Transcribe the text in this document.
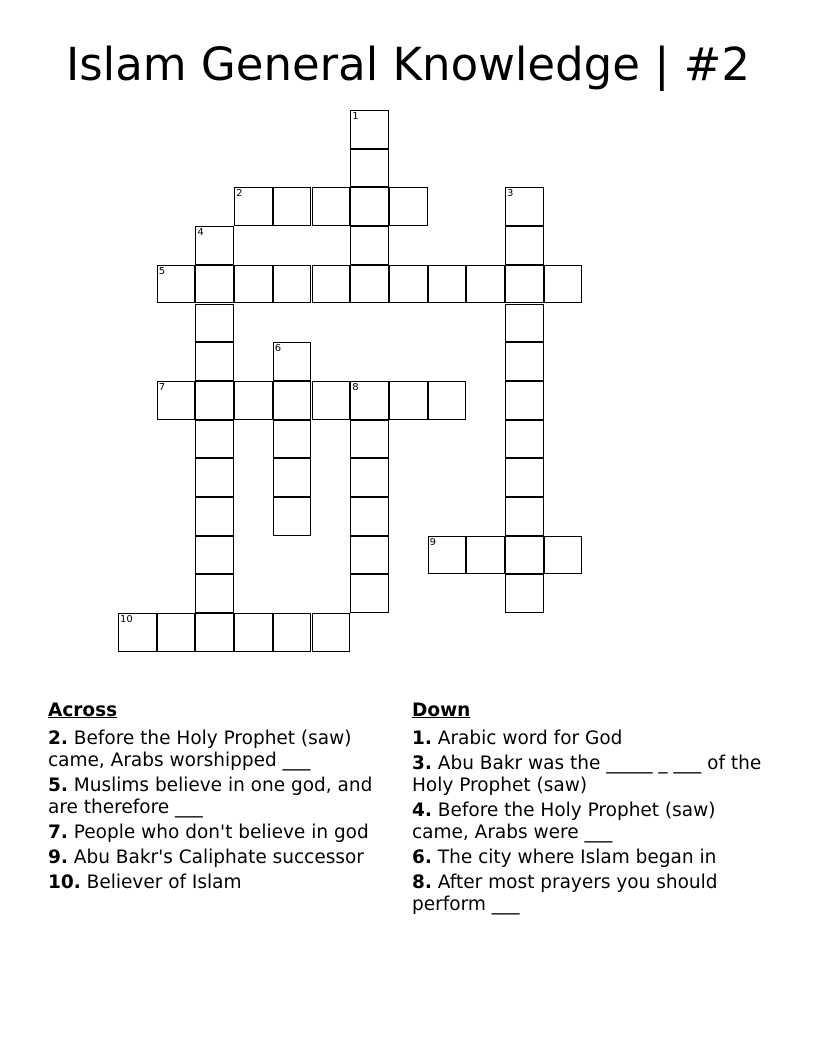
Islam General Knowledge | #2
1
2	3
4
5
6
7	8
9
10
Across
2. Before the Holy Prophet (saw) came, Arabs worshipped ___
5. Muslims believe in one god, and are therefore ___
7. People who don't believe in god
9. Abu Bakr's Caliphate successor
10. Believer of Islam
Down
1. Arabic word for God
3. Abu Bakr was the _____ _ ___ of the Holy Prophet (saw)
4. Before the Holy Prophet (saw) came, Arabs were ___
6. The city where Islam began in
8. After most prayers you should perform ___
